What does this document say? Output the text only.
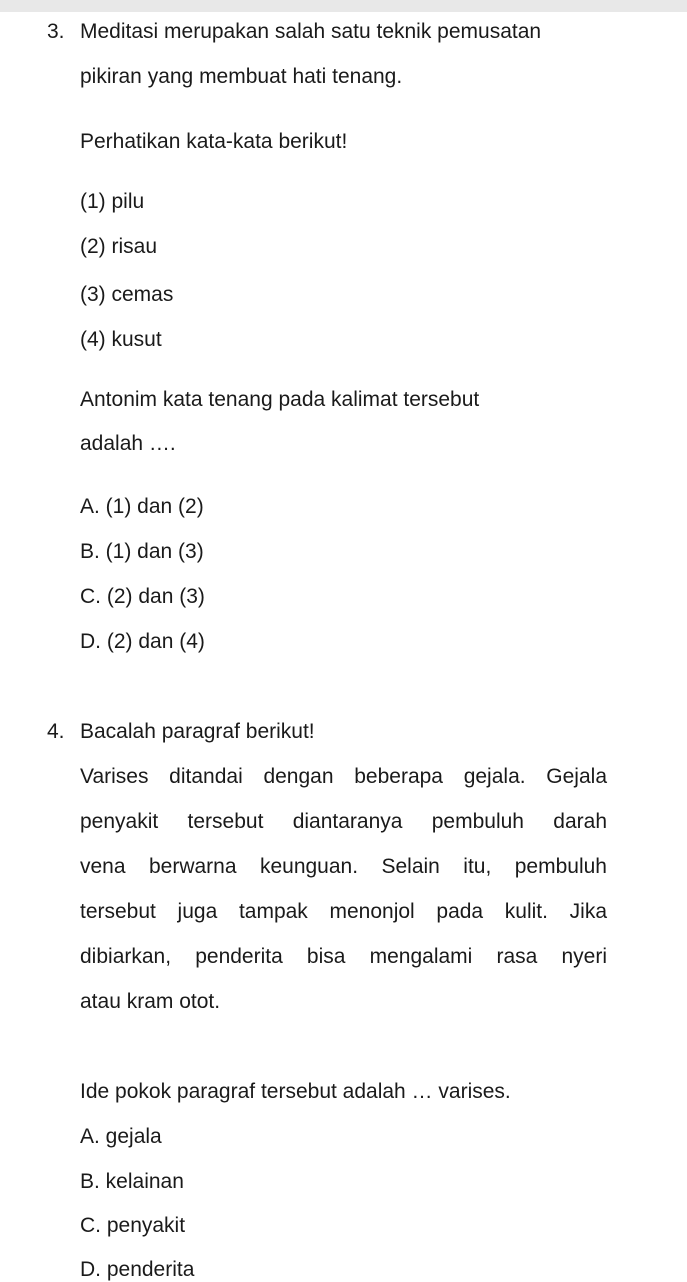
3. Meditasi merupakan salah satu teknik pemusatan
pikiran yang membuat hati tenang.
Perhatikan kata-kata berikut!
(1) pilu
(2) risau
(3) cemas
(4) kusut
Antonim kata tenang pada kalimat tersebut
adalah ….
A. (1) dan (2)
B. (1) dan (3)
C. (2) dan (3)
D. (2) dan (4)
4. Bacalah paragraf berikut!
Varises ditandai dengan beberapa gejala. Gejala
penyakit tersebut diantaranya pembuluh darah
vena berwarna keunguan. Selain itu, pembuluh
tersebut juga tampak menonjol pada kulit. Jika
dibiarkan, penderita bisa mengalami rasa nyeri
atau kram otot.
Ide pokok paragraf tersebut adalah … varises.
A. gejala
B. kelainan
C. penyakit
D. penderita
